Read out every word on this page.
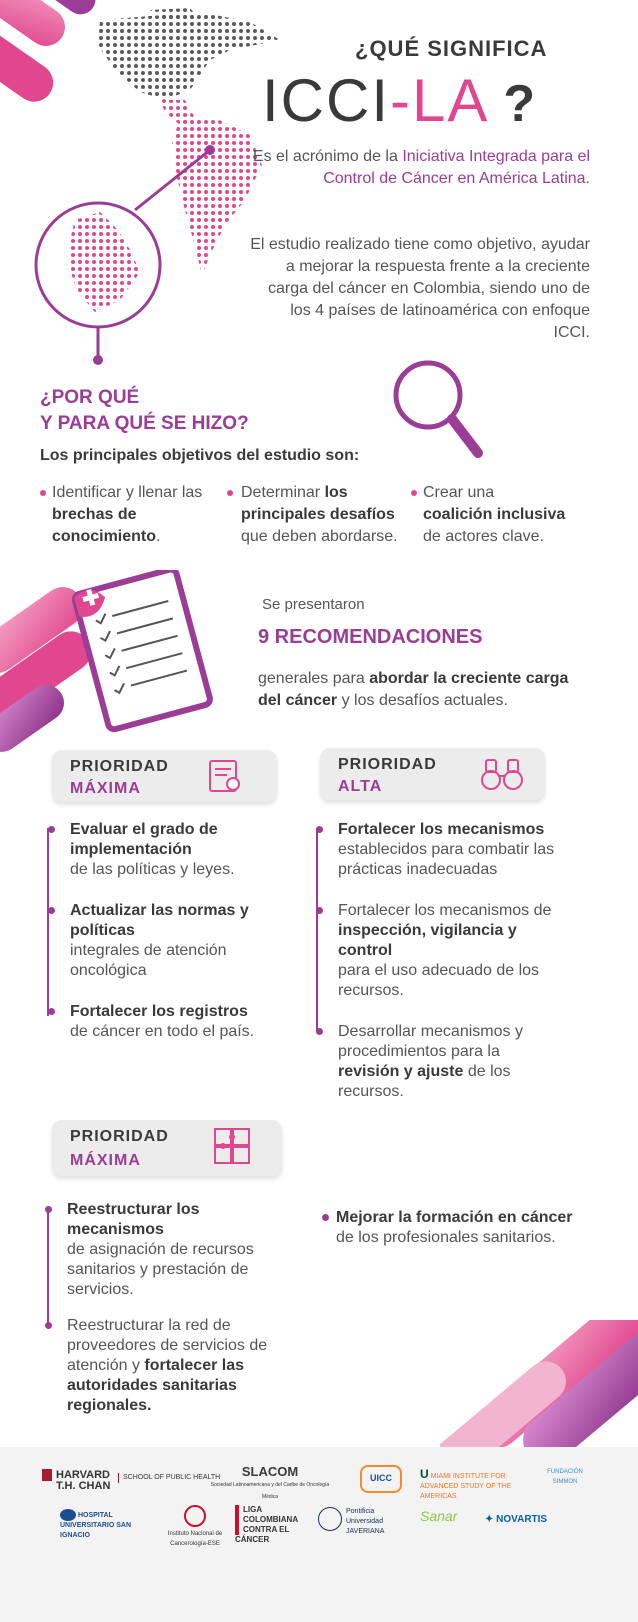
¿QUÉ SIGNIFICA
ICCI-LA ?
Es el acrónimo de la Iniciativa Integrada para el Control de Cáncer en América Latina.
El estudio realizado tiene como objetivo, ayudar a mejorar la respuesta frente a la creciente carga del cáncer en Colombia, siendo uno de los 4 países de latinoamérica con enfoque ICCI.
¿POR QUÉ
Y PARA QUÉ SE HIZO?
Los principales objetivos del estudio son:
Identificar y llenar las
brechas de conocimiento.
Determinar los principales desafíos que deben abordarse.
Crear una
coalición inclusiva
de actores clave.
Se presentaron
9 RECOMENDACIONES
generales para abordar la creciente carga del cáncer y los desafíos actuales.
PRIORIDAD
MÁXIMA
Evaluar el grado de implementación
de las políticas y leyes.
Actualizar las normas y políticas
integrales de atención oncológica
Fortalecer los registros
de cáncer en todo el país.
PRIORIDAD
ALTA
Fortalecer los mecanismos
establecidos para combatir las prácticas inadecuadas
Fortalecer los mecanismos de inspección, vigilancia y control
para el uso adecuado de los recursos.
Desarrollar mecanismos y procedimientos para la revisión y ajuste de los recursos.
PRIORIDAD
MÁXIMA
Reestructurar los mecanismos
de asignación de recursos sanitarios y prestación de servicios.
Reestructurar la red de proveedores de servicios de atención y fortalecer las autoridades sanitarias regionales.
Mejorar la formación en cáncer
de los profesionales sanitarios.
HARVARD
T.H. CHAN
SCHOOL OF PUBLIC HEALTH	SLACOM
Sociedad Latinoamericana y del Caribe de Oncología Médica
UICC	U MIAMI INSTITUTE FOR ADVANCED STUDY OF THE AMERICAS
FUNDACIÓN SIMMON
HOSPITAL UNIVERSITARIO SAN IGNACIO	Instituto Nacional de Cancerología-ESE
LIGA COLOMBIANA CONTRA EL CÁNCER
Pontificia Universidad JAVERIANA
Sanar	✦ NOVARTIS
